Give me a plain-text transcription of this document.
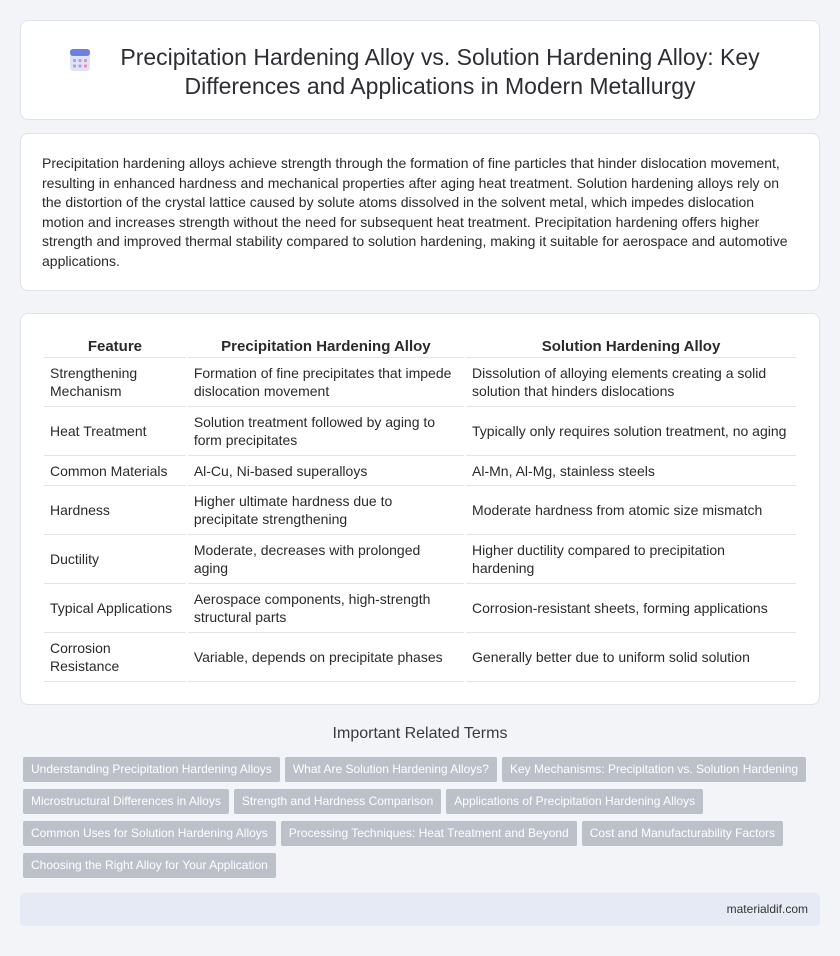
Precipitation Hardening Alloy vs. Solution Hardening Alloy: Key Differences and Applications in Modern Metallurgy

Precipitation hardening alloys achieve strength through the formation of fine particles that hinder dislocation movement, resulting in enhanced hardness and mechanical properties after aging heat treatment. Solution hardening alloys rely on the distortion of the crystal lattice caused by solute atoms dissolved in the solvent metal, which impedes dislocation motion and increases strength without the need for subsequent heat treatment. Precipitation hardening offers higher strength and improved thermal stability compared to solution hardening, making it suitable for aerospace and automotive applications.

Feature	Precipitation Hardening Alloy	Solution Hardening Alloy
Strengthening Mechanism	Formation of fine precipitates that impede dislocation movement	Dissolution of alloying elements creating a solid solution that hinders dislocations
Heat Treatment	Solution treatment followed by aging to form precipitates	Typically only requires solution treatment, no aging
Common Materials	Al-Cu, Ni-based superalloys	Al-Mn, Al-Mg, stainless steels
Hardness	Higher ultimate hardness due to precipitate strengthening	Moderate hardness from atomic size mismatch
Ductility	Moderate, decreases with prolonged aging	Higher ductility compared to precipitation hardening
Typical Applications	Aerospace components, high-strength structural parts	Corrosion-resistant sheets, forming applications
Corrosion Resistance	Variable, depends on precipitate phases	Generally better due to uniform solid solution
Important Related Terms
Understanding Precipitation Hardening Alloys What Are Solution Hardening Alloys? Key Mechanisms: Precipitation vs. Solution Hardening
Microstructural Differences in Alloys Strength and Hardness Comparison Applications of Precipitation Hardening Alloys
Common Uses for Solution Hardening Alloys Processing Techniques: Heat Treatment and Beyond Cost and Manufacturability Factors
Choosing the Right Alloy for Your Application
materialdif.com
